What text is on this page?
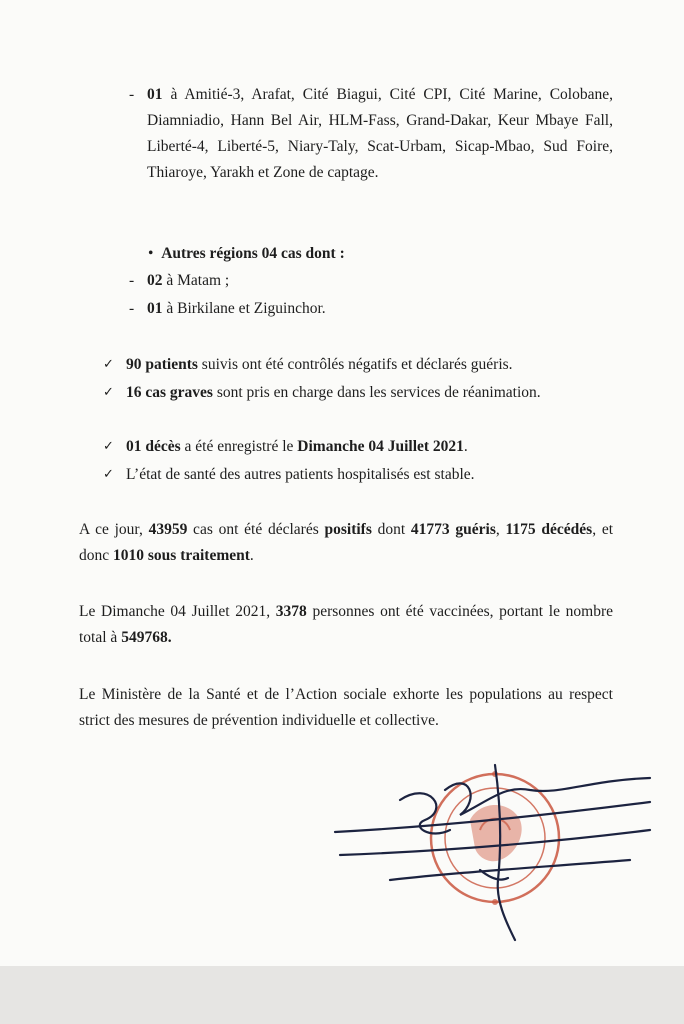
- 01 à Amitié-3, Arafat, Cité Biagui, Cité CPI, Cité Marine, Colobane, Diamniadio, Hann Bel Air, HLM-Fass, Grand-Dakar, Keur Mbaye Fall, Liberté-4, Liberté-5, Niary-Taly, Scat-Urbam, Sicap-Mbao, Sud Foire, Thiaroye, Yarakh et Zone de captage.
• Autres régions 04 cas dont :
- 02 à Matam ;
- 01 à Birkilane et Ziguinchor.
✓ 90 patients suivis ont été contrôlés négatifs et déclarés guéris.
✓ 16 cas graves sont pris en charge dans les services de réanimation.
✓ 01 décès a été enregistré le Dimanche 04 Juillet 2021.
✓ L’état de santé des autres patients hospitalisés est stable.
A ce jour, 43959 cas ont été déclarés positifs dont 41773 guéris, 1175 décédés, et donc 1010 sous traitement.
Le Dimanche 04 Juillet 2021, 3378 personnes ont été vaccinées, portant le nombre total à 549768.
Le Ministère de la Santé et de l’Action sociale exhorte les populations au respect strict des mesures de prévention individuelle et collective.
